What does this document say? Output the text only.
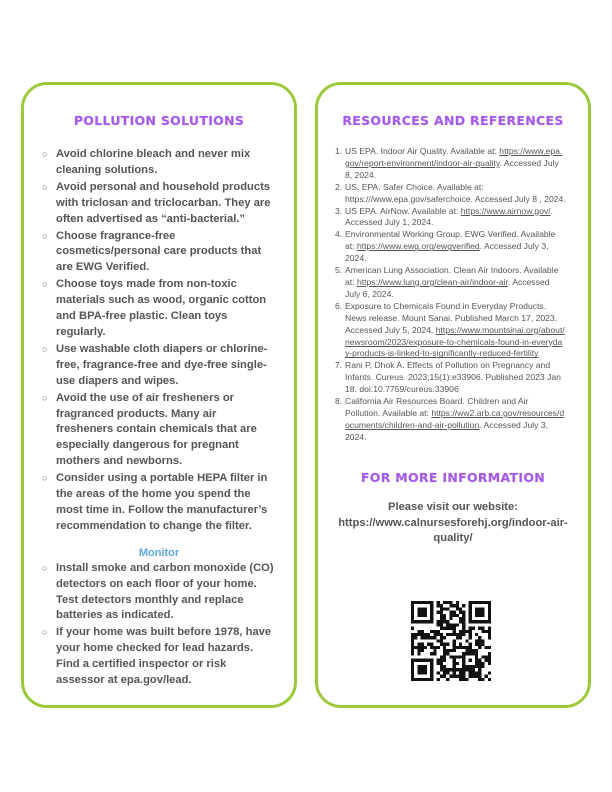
POLLUTION SOLUTIONS
○ Avoid chlorine bleach and never mix cleaning solutions.
○ Avoid personal and household products with triclosan and triclocarban. They are often advertised as “anti-bacterial.”
○ Choose fragrance-free cosmetics/personal care products that are EWG Verified.
○ Choose toys made from non-toxic materials such as wood, organic cotton and BPA-free plastic. Clean toys regularly.
○ Use washable cloth diapers or chlorine-free, fragrance-free and dye-free single-use diapers and wipes.
○ Avoid the use of air fresheners or fragranced products. Many air fresheners contain chemicals that are especially dangerous for pregnant mothers and newborns.
○ Consider using a portable HEPA filter in the areas of the home you spend the most time in. Follow the manufacturer’s recommendation to change the filter.
Monitor
○ Install smoke and carbon monoxide (CO) detectors on each floor of your home. Test detectors monthly and replace batteries as indicated.
○ If your home was built before 1978, have your home checked for lead hazards. Find a certified inspector or risk assessor at epa.gov/lead.
RESOURCES AND REFERENCES
1. US EPA. Indoor Air Quality. Available at: https://www.epa.gov/report-environment/indoor-air-quality. Accessed July 8, 2024.
2. US. EPA. Safer Choice. Available at: https:///www.epa.gov/saferchoice. Accessed July 8 , 2024.
3. US EPA. AirNow. Available at: https://www.airnow.gov/. Accessed July 1, 2024.
4. Environmental Working Group. EWG Verified. Available at: https://www.ewg.org/ewgverified. Accessed July 3, 2024.
5. American Lung Association. Clean Air Indoors. Available at: https://www.lung.org/clean-air/indoor-air. Accessed July 6, 2024.
6. Exposure to Chemicals Found in Everyday Products. News release. Mount Sanai. Published March 17, 2023. Accessed July 5, 2024. https://www.mountsinai.org/about/newsroom/2023/exposure-to-chemicals-found-in-everyday-products-is-linked-to-significantly-reduced-fertility
7. Rani P, Dhok A. Effects of Pollution on Pregnancy and Infants. Cureus. 2023;15(1):e33906. Published 2023 Jan 18. doi:10.7759/cureus.33906
8. California Air Resources Board. Children and Air Pollution. Available at: https://ww2.arb.ca.gov/resources/documents/children-and-air-pollution. Accessed July 3, 2024.
FOR MORE INFORMATION
Please visit our website: https://www.calnursesforehj.org/indoor-air-quality/
